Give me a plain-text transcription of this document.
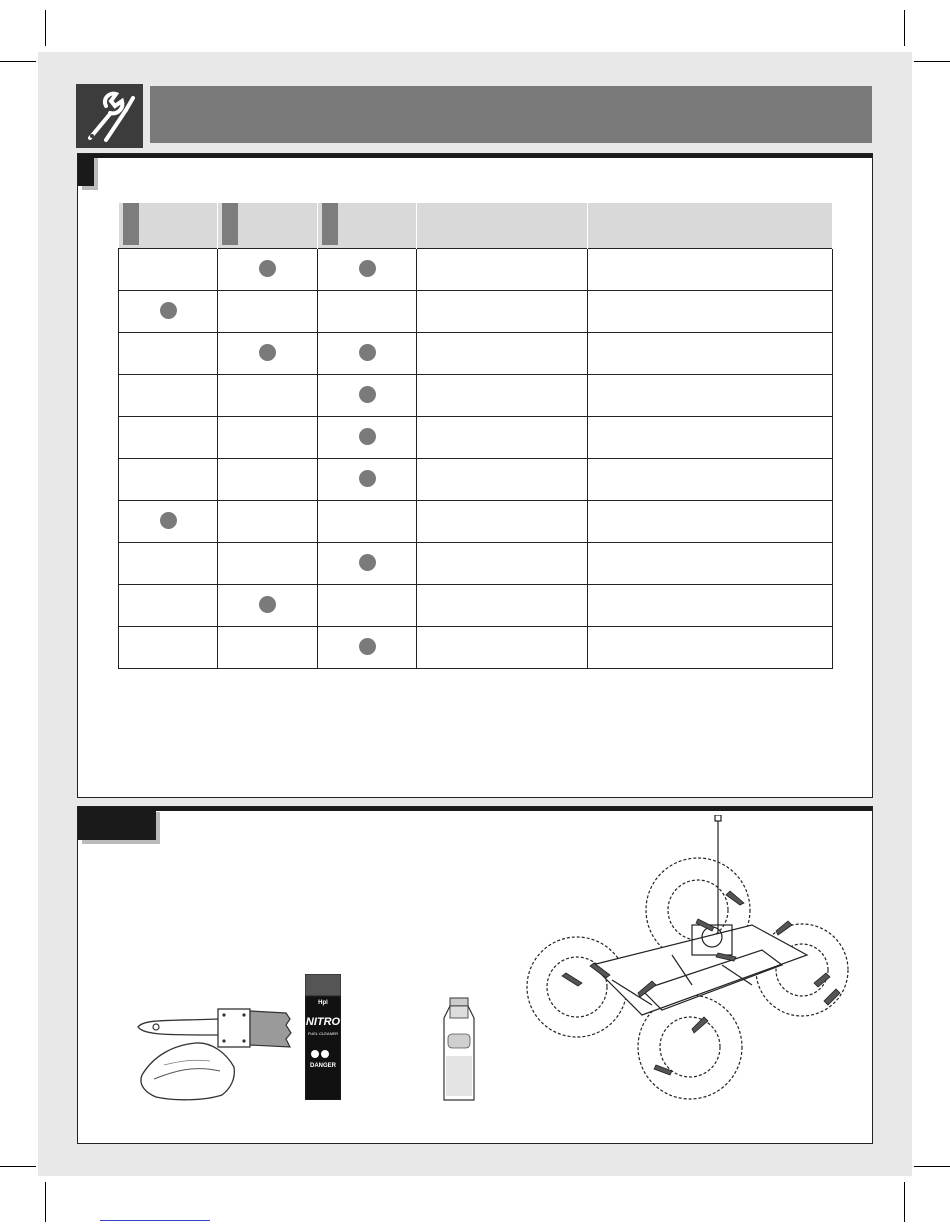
Hpl
NITRO
FUEL CLEANER
DANGER
